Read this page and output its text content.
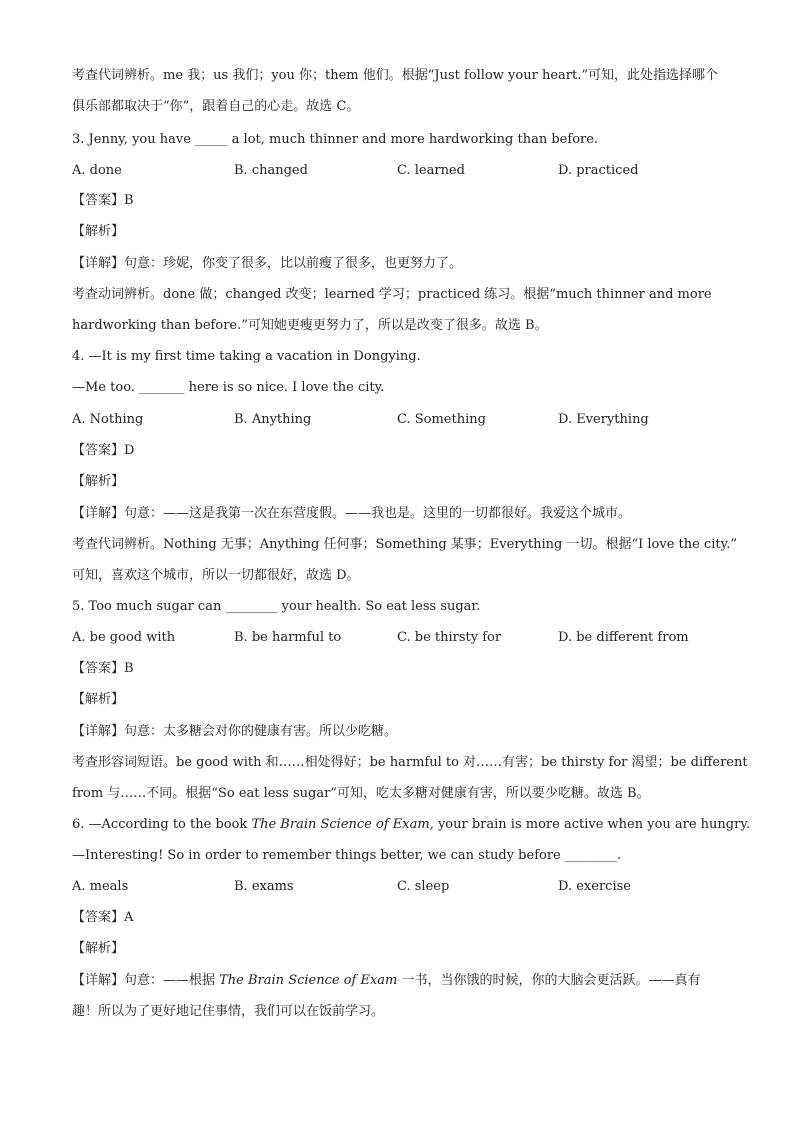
考查代词辨析。me 我；us 我们；you 你；them 他们。根据“Just follow your heart.”可知，此处指选择哪个
俱乐部都取决于“你”，跟着自己的心走。故选 C。
3. Jenny, you have _____ a lot, much thinner and more hardworking than before.
A. done	B. changed	C. learned	D. practiced
【答案】B
【解析】
【详解】句意：珍妮，你变了很多，比以前瘦了很多，也更努力了。
考查动词辨析。done 做；changed 改变；learned 学习；practiced 练习。根据“much thinner and more
hardworking than before.”可知她更瘦更努力了，所以是改变了很多。故选 B。
4. —It is my first time taking a vacation in Dongying.
—Me too. _______ here is so nice. I love the city.
A. Nothing	B. Anything	C. Something	D. Everything
【答案】D
【解析】
【详解】句意：——这是我第一次在东营度假。——我也是。这里的一切都很好。我爱这个城市。
考查代词辨析。Nothing 无事；Anything 任何事；Something 某事；Everything 一切。根据“I love the city.”
可知，喜欢这个城市，所以一切都很好，故选 D。
5. Too much sugar can ________ your health. So eat less sugar.
A. be good with	B. be harmful to	C. be thirsty for	D. be different from
【答案】B
【解析】
【详解】句意：太多糖会对你的健康有害。所以少吃糖。
考查形容词短语。be good with 和……相处得好；be harmful to 对……有害；be thirsty for 渴望；be different
from 与……不同。根据“So eat less sugar”可知，吃太多糖对健康有害，所以要少吃糖。故选 B。
6. —According to the book The Brain Science of Exam, your brain is more active when you are hungry.
—Interesting! So in order to remember things better, we can study before ________.
A. meals	B. exams	C. sleep	D. exercise
【答案】A
【解析】
【详解】句意：——根据 The Brain Science of Exam 一书，当你饿的时候，你的大脑会更活跃。——真有
趣！所以为了更好地记住事情，我们可以在饭前学习。
